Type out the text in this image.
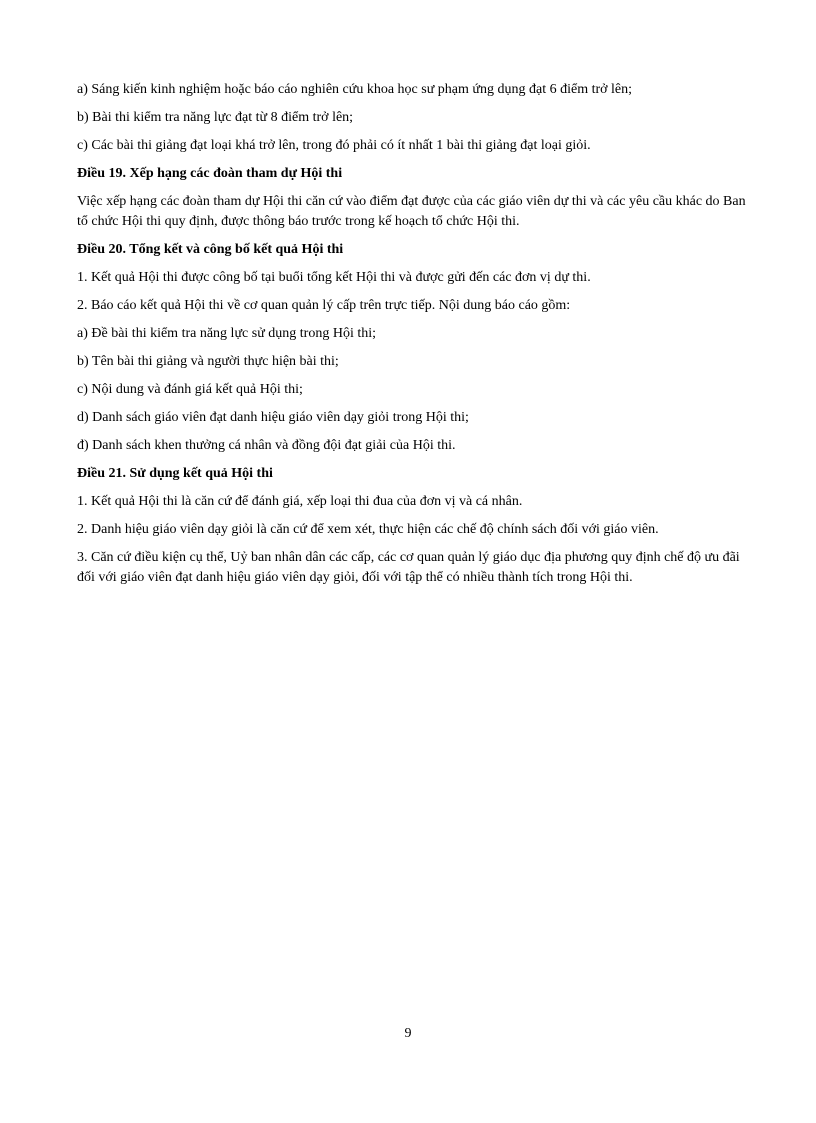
a) Sáng kiến kinh nghiệm hoặc báo cáo nghiên cứu khoa học sư phạm ứng dụng đạt 6 điểm trở lên;

b) Bài thi kiểm tra năng lực đạt từ 8 điểm trở lên;

c) Các bài thi giảng đạt loại khá trở lên, trong đó phải có ít nhất 1 bài thi giảng đạt loại giỏi.

Điều 19. Xếp hạng các đoàn tham dự Hội thi

Việc xếp hạng các đoàn tham dự Hội thi căn cứ vào điểm đạt được của các giáo viên dự thi và các yêu cầu khác do Ban tổ chức Hội thi quy định, được thông báo trước trong kế hoạch tổ chức Hội thi.

Điều 20. Tổng kết và công bố kết quả Hội thi

1. Kết quả Hội thi được công bố tại buổi tổng kết Hội thi và được gửi đến các đơn vị dự thi.

2. Báo cáo kết quả Hội thi về cơ quan quản lý cấp trên trực tiếp. Nội dung báo cáo gồm:

a) Đề bài thi kiểm tra năng lực sử dụng trong Hội thi;

b) Tên bài thi giảng và người thực hiện bài thi;

c) Nội dung và đánh giá kết quả Hội thi;

d) Danh sách giáo viên đạt danh hiệu giáo viên dạy giỏi trong Hội thi;

đ) Danh sách khen thưởng cá nhân và đồng đội đạt giải của Hội thi.

Điều 21. Sử dụng kết quả Hội thi

1. Kết quả Hội thi là căn cứ để đánh giá, xếp loại thi đua của đơn vị và cá nhân.

2. Danh hiệu giáo viên dạy giỏi là căn cứ để xem xét, thực hiện các chế độ chính sách đối với giáo viên.

3. Căn cứ điều kiện cụ thể, Uỷ ban nhân dân các cấp, các cơ quan quản lý giáo dục địa phương quy định chế độ ưu đãi đối với giáo viên đạt danh hiệu giáo viên dạy giỏi, đối với tập thể có nhiều thành tích trong Hội thi.

9
